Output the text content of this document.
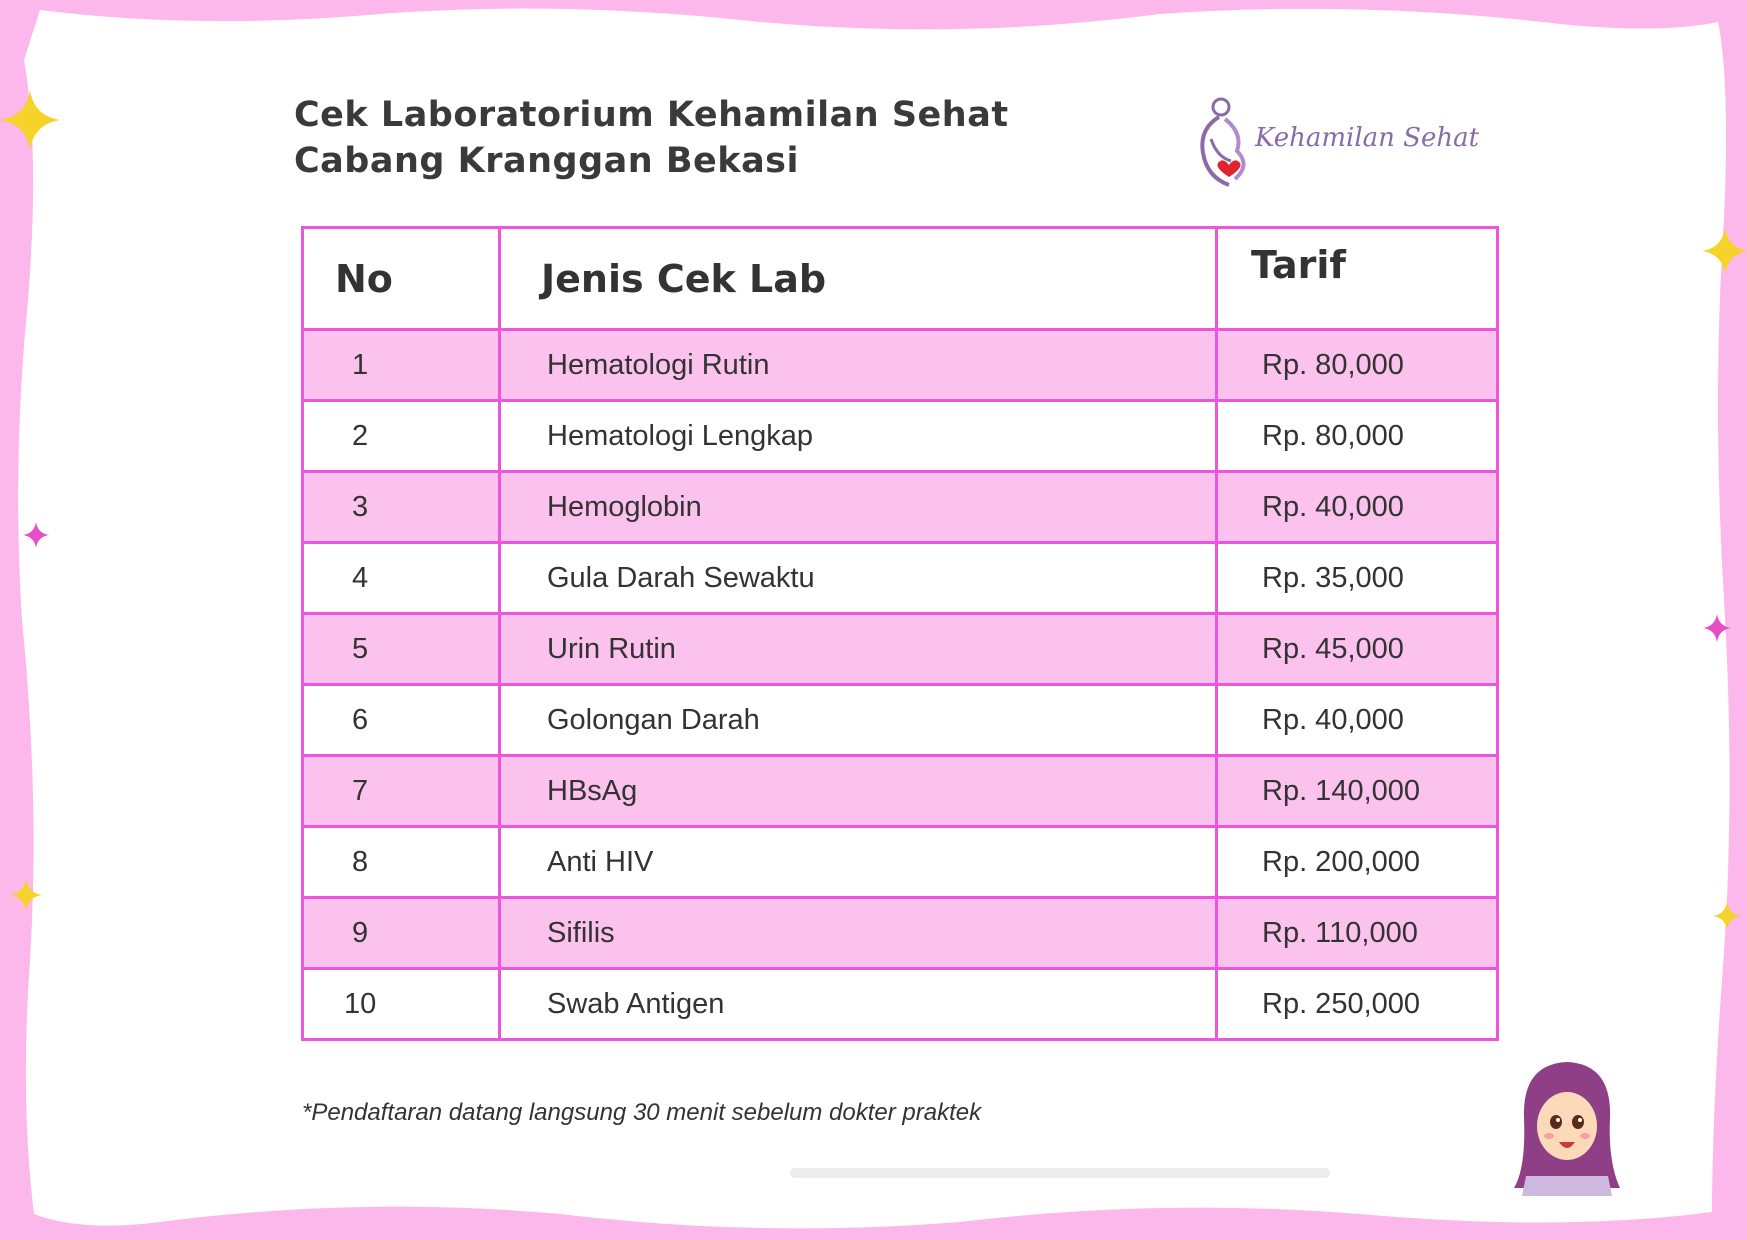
Cek Laboratorium Kehamilan Sehat
Cabang Kranggan Bekasi
Kehamilan Sehat
No	Jenis Cek Lab	Tarif
1	Hematologi Rutin	Rp. 80,000
2	Hematologi Lengkap	Rp. 80,000
3	Hemoglobin	Rp. 40,000
4	Gula Darah Sewaktu	Rp. 35,000
5	Urin Rutin	Rp. 45,000
6	Golongan Darah	Rp. 40,000
7	HBsAg	Rp. 140,000
8	Anti HIV	Rp. 200,000
9	Sifilis	Rp. 110,000
10	Swab Antigen	Rp. 250,000
*Pendaftaran datang langsung 30 menit sebelum dokter praktek
